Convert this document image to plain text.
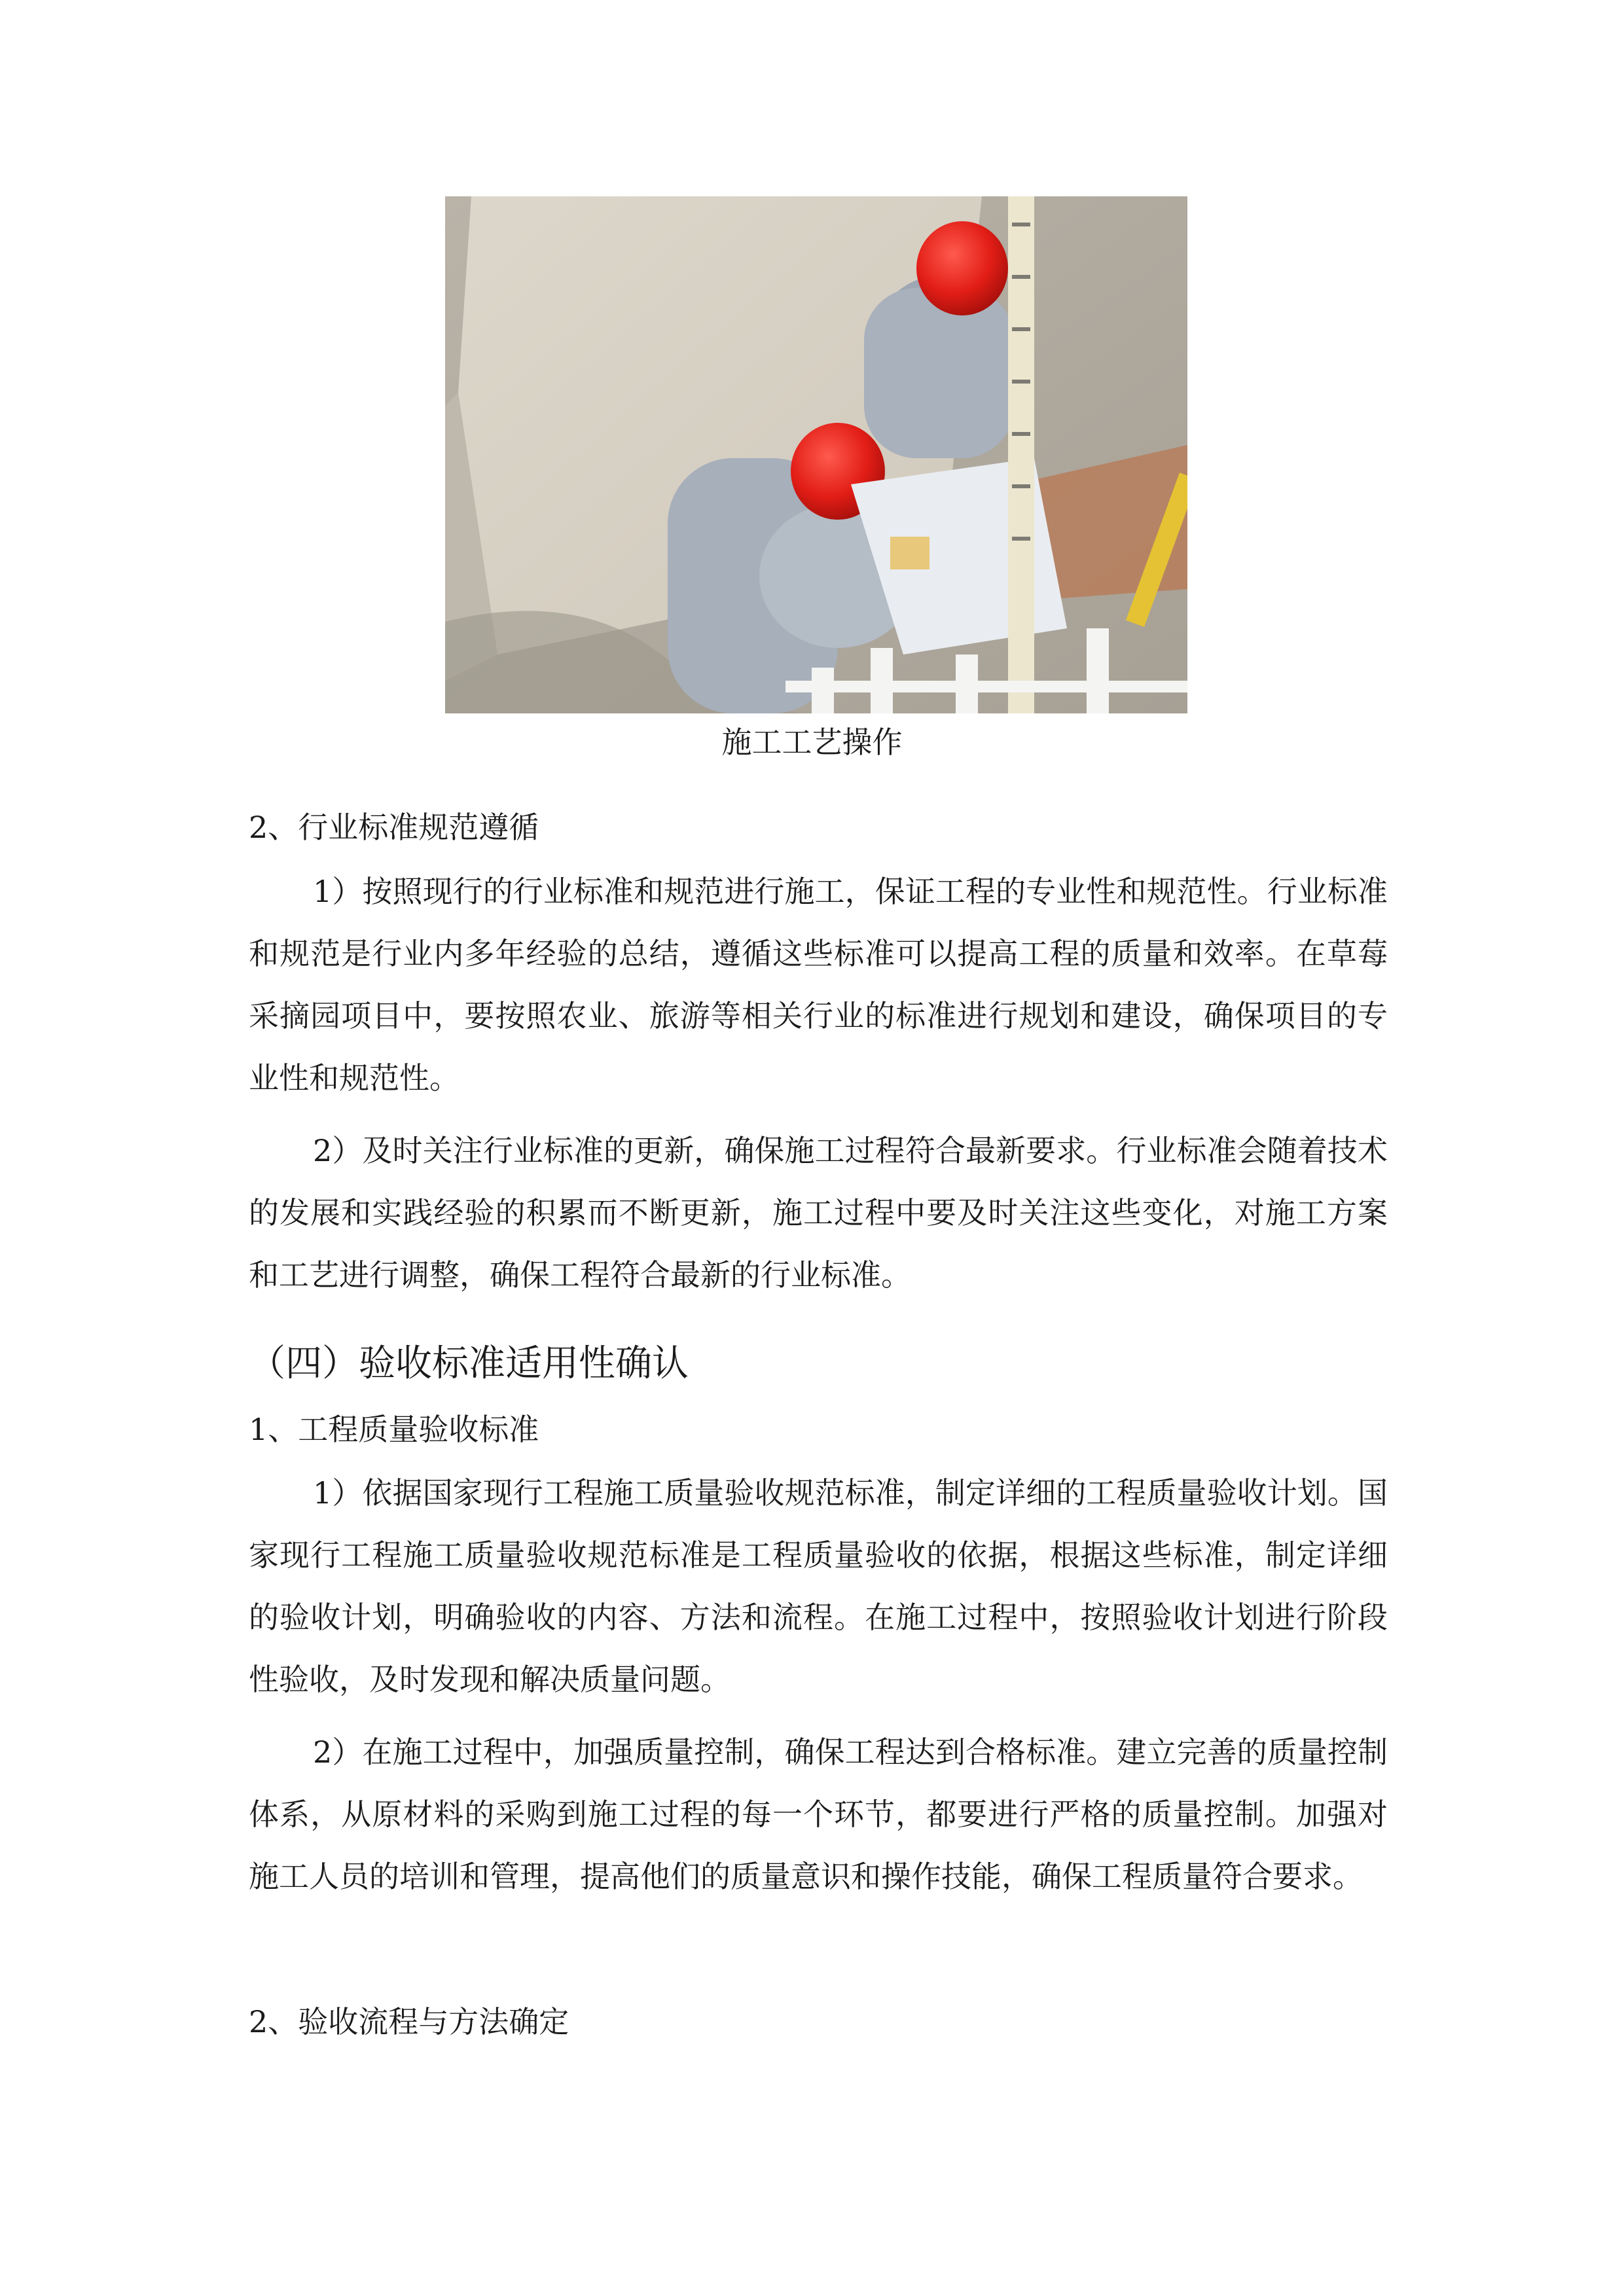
施工工艺操作
2、行业标准规范遵循

1）按照现行的行业标准和规范进行施工，保证工程的专业性和规范性。行业标准和规范是行业内多年经验的总结，遵循这些标准可以提高工程的质量和效率。在草莓采摘园项目中，要按照农业、旅游等相关行业的标准进行规划和建设，确保项目的专业性和规范性。

2）及时关注行业标准的更新，确保施工过程符合最新要求。行业标准会随着技术的发展和实践经验的积累而不断更新，施工过程中要及时关注这些变化，对施工方案和工艺进行调整，确保工程符合最新的行业标准。

（四）验收标准适用性确认
1、工程质量验收标准

1）依据国家现行工程施工质量验收规范标准，制定详细的工程质量验收计划。国家现行工程施工质量验收规范标准是工程质量验收的依据，根据这些标准，制定详细的验收计划，明确验收的内容、方法和流程。在施工过程中，按照验收计划进行阶段性验收，及时发现和解决质量问题。

2）在施工过程中，加强质量控制，确保工程达到合格标准。建立完善的质量控制体系，从原材料的采购到施工过程的每一个环节，都要进行严格的质量控制。加强对施工人员的培训和管理，提高他们的质量意识和操作技能，确保工程质量符合要求。

2、验收流程与方法确定
